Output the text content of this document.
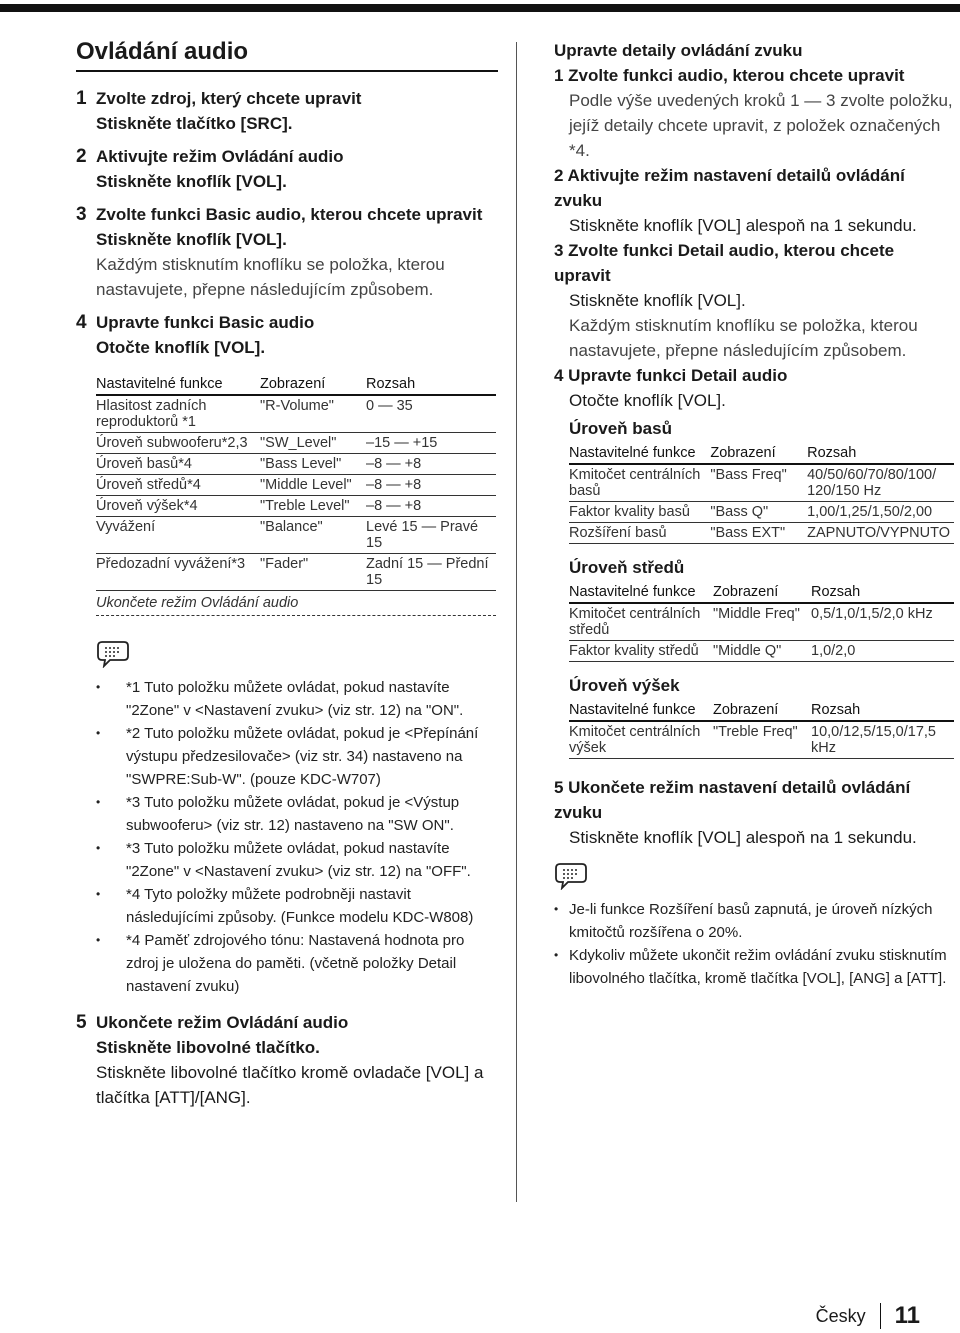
Ovládání audio
1 Zvolte zdroj, který chcete upravit
Stiskněte tlačítko [SRC].
2 Aktivujte režim Ovládání audio
Stiskněte knoflík [VOL].
3 Zvolte funkci Basic audio, kterou chcete upravit
Stiskněte knoflík [VOL].
Každým stisknutím knoflíku se položka, kterou nastavujete, přepne následujícím způsobem.
4 Upravte funkci Basic audio
Otočte knoflík [VOL].
Nastavitelné funkce	Zobrazení	Rozsah
Hlasitost zadních reproduktorů *1	"R-Volume"	0 — 35
Úroveň subwooferu*2,3	"SW_Level"	–15 — +15
Úroveň basů*4	"Bass Level"	–8 — +8
Úroveň středů*4	"Middle Level"	–8 — +8
Úroveň výšek*4	"Treble Level"	–8 — +8
Vyvážení	"Balance"	Levé 15 — Pravé 15
Předozadní vyvážení*3	"Fader"	Zadní 15 — Přední 15
Ukončete režim Ovládání audio
• *1 Tuto položku můžete ovládat, pokud nastavíte "2Zone" v <Nastavení zvuku> (viz str. 12) na "ON".
• *2 Tuto položku můžete ovládat, pokud je <Přepínání výstupu předzesilovače> (viz str. 34) nastaveno na "SWPRE:Sub-W". (pouze KDC-W707)
• *3 Tuto položku můžete ovládat, pokud je <Výstup subwooferu> (viz str. 12) nastaveno na "SW ON".
• *3 Tuto položku můžete ovládat, pokud nastavíte "2Zone" v <Nastavení zvuku> (viz str. 12) na "OFF".
• *4 Tyto položky můžete podrobněji nastavit následujícími způsoby. (Funkce modelu KDC-W808)
• *4 Paměť zdrojového tónu: Nastavená hodnota pro zdroj je uložena do paměti. (včetně položky Detail nastavení zvuku)
5 Ukončete režim Ovládání audio
Stiskněte libovolné tlačítko.
Stiskněte libovolné tlačítko kromě ovladače [VOL] a tlačítka [ATT]/[ANG].
Upravte detaily ovládání zvuku
1 Zvolte funkci audio, kterou chcete upravit
Podle výše uvedených kroků 1 — 3 zvolte položku, jejíž detaily chcete upravit, z položek označených *4.
2 Aktivujte režim nastavení detailů ovládání zvuku
Stiskněte knoflík [VOL] alespoň na 1 sekundu.
3 Zvolte funkci Detail audio, kterou chcete upravit
Stiskněte knoflík [VOL].
Každým stisknutím knoflíku se položka, kterou nastavujete, přepne následujícím způsobem.
4 Upravte funkci Detail audio
Otočte knoflík [VOL].
Úroveň basů
Nastavitelné funkce	Zobrazení	Rozsah
Kmitočet centrálních basů	"Bass Freq"	40/50/60/70/80/100/ 120/150 Hz
Faktor kvality basů	"Bass Q"	1,00/1,25/1,50/2,00
Rozšíření basů	"Bass EXT"	ZAPNUTO/VYPNUTO
Úroveň středů
Nastavitelné funkce	Zobrazení	Rozsah
Kmitočet centrálních středů	"Middle Freq"	0,5/1,0/1,5/2,0 kHz
Faktor kvality středů	"Middle Q"	1,0/2,0
Úroveň výšek
Nastavitelné funkce	Zobrazení	Rozsah
Kmitočet centrálních výšek	"Treble Freq"	10,0/12,5/15,0/17,5 kHz
5 Ukončete režim nastavení detailů ovládání zvuku
Stiskněte knoflík [VOL] alespoň na 1 sekundu.
• Je-li funkce Rozšíření basů zapnutá, je úroveň nízkých kmitočtů rozšířena o 20%.
• Kdykoliv můžete ukončit režim ovládání zvuku stisknutím libovolného tlačítka, kromě tlačítka [VOL], [ANG] a [ATT].
Česky 11
